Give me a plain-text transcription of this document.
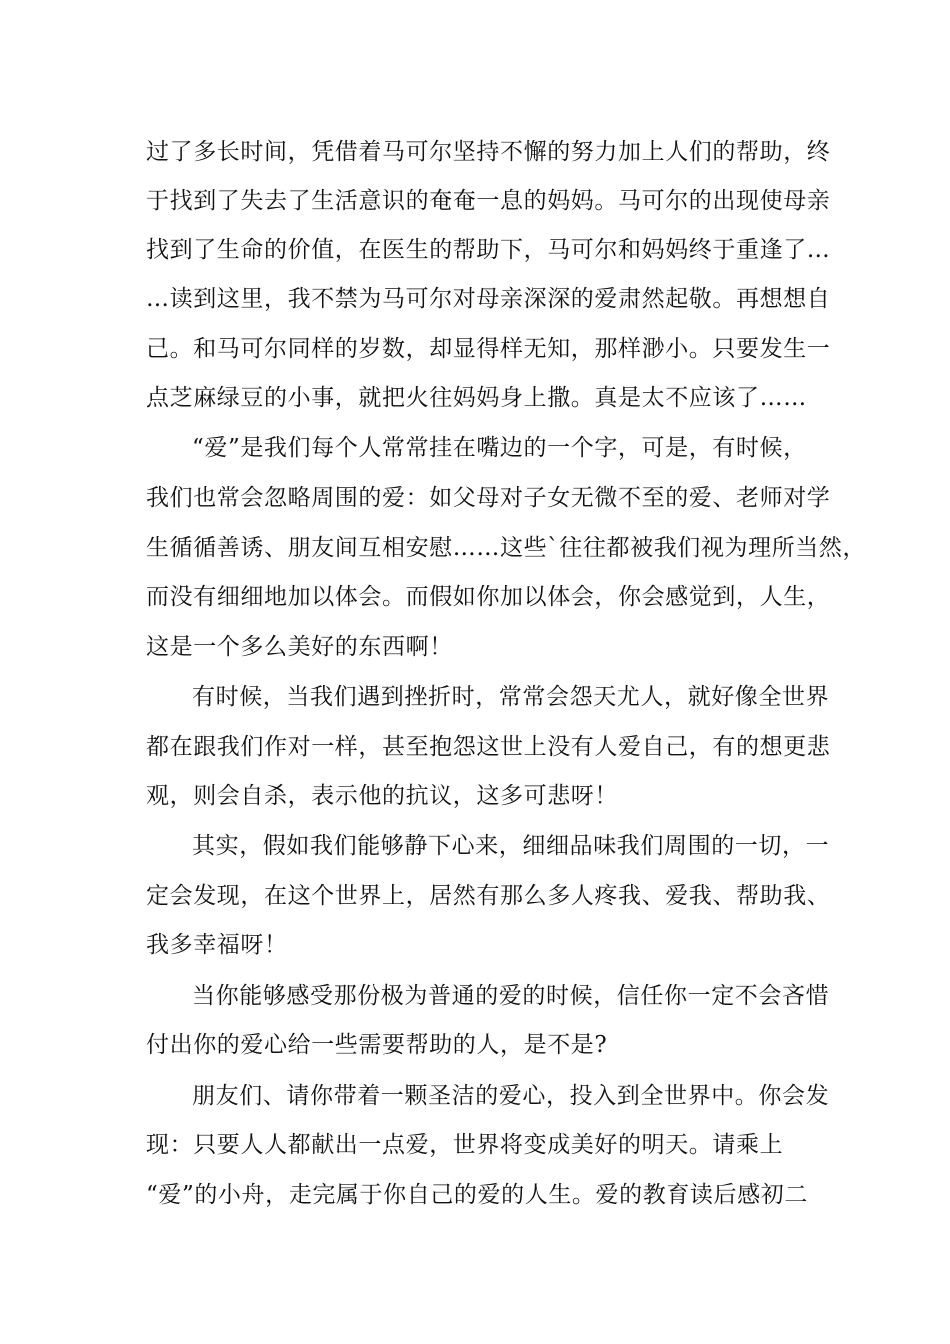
过了多长时间，凭借着马可尔坚持不懈的努力加上人们的帮助，终
于找到了失去了生活意识的奄奄一息的妈妈。马可尔的出现使母亲
找到了生命的价值，在医生的帮助下，马可尔和妈妈终于重逢了…
…读到这里，我不禁为马可尔对母亲深深的爱肃然起敬。再想想自
己。和马可尔同样的岁数，却显得样无知，那样渺小。只要发生一
点芝麻绿豆的小事，就把火往妈妈身上撒。真是太不应该了……
“爱”是我们每个人常常挂在嘴边的一个字，可是，有时候，
我们也常会忽略周围的爱：如父母对子女无微不至的爱、老师对学
生循循善诱、朋友间互相安慰……这些`往往都被我们视为理所当然，
而没有细细地加以体会。而假如你加以体会，你会感觉到，人生，
这是一个多么美好的东西啊！
有时候，当我们遇到挫折时，常常会怨天尤人，就好像全世界
都在跟我们作对一样，甚至抱怨这世上没有人爱自己，有的想更悲
观，则会自杀，表示他的抗议，这多可悲呀！
其实，假如我们能够静下心来，细细品味我们周围的一切，一
定会发现，在这个世界上，居然有那么多人疼我、爱我、帮助我、
我多幸福呀！
当你能够感受那份极为普通的爱的时候，信任你一定不会吝惜
付出你的爱心给一些需要帮助的人，是不是?
朋友们、请你带着一颗圣洁的爱心，投入到全世界中。你会发
现：只要人人都献出一点爱，世界将变成美好的明天。请乘上
“爱”的小舟，走完属于你自己的爱的人生。爱的教育读后感初二
